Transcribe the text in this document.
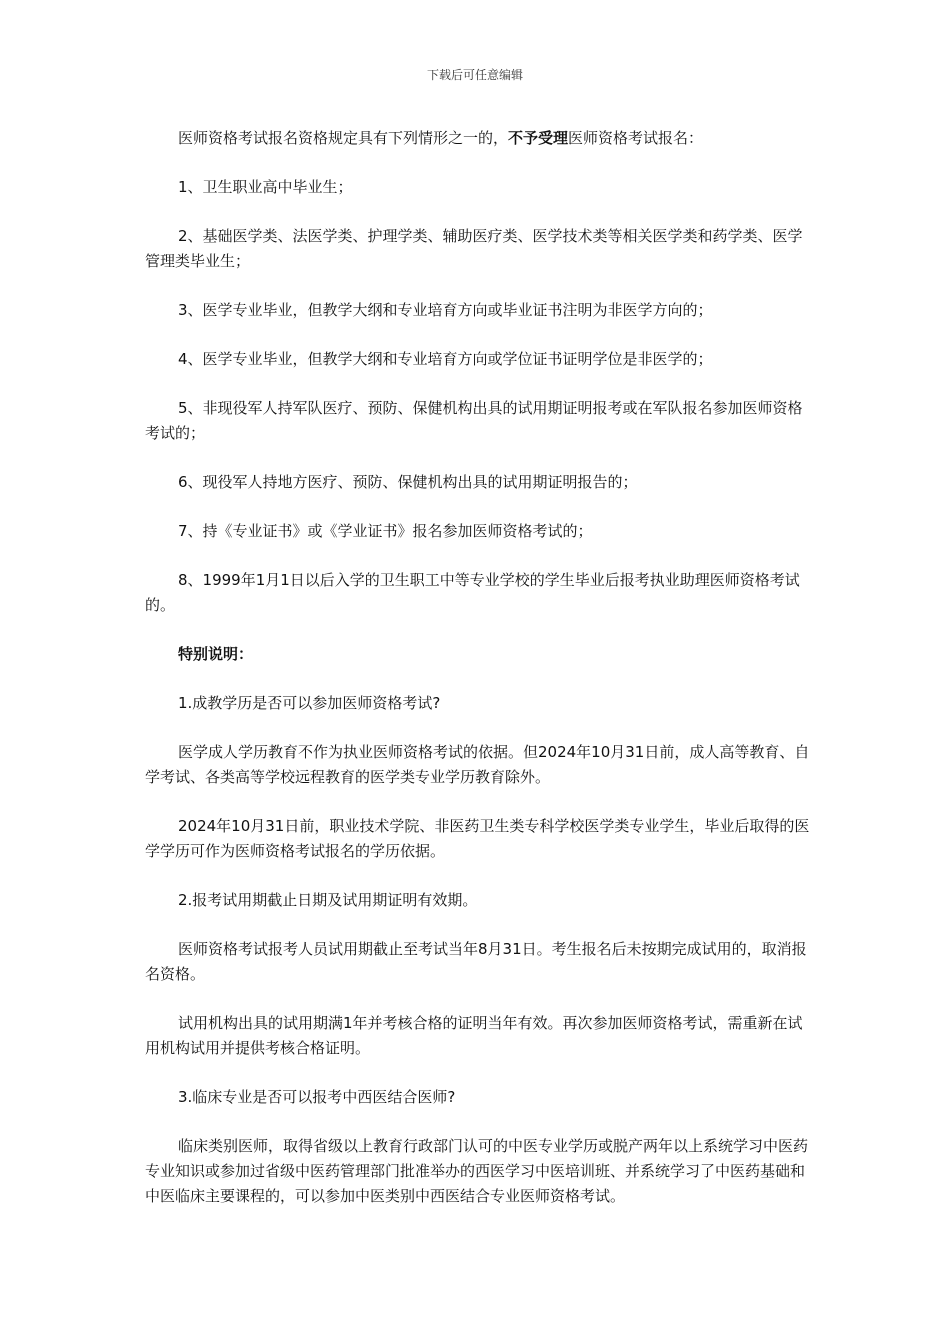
下载后可任意编辑

医师资格考试报名资格规定具有下列情形之一的，不予受理医师资格考试报名：

1、卫生职业高中毕业生；

2、基础医学类、法医学类、护理学类、辅助医疗类、医学技术类等相关医学类和药学类、医学管理类毕业生；

3、医学专业毕业，但教学大纲和专业培育方向或毕业证书注明为非医学方向的；

4、医学专业毕业，但教学大纲和专业培育方向或学位证书证明学位是非医学的；

5、非现役军人持军队医疗、预防、保健机构出具的试用期证明报考或在军队报名参加医师资格考试的；

6、现役军人持地方医疗、预防、保健机构出具的试用期证明报告的；

7、持《专业证书》或《学业证书》报名参加医师资格考试的；

8、1999年1月1日以后入学的卫生职工中等专业学校的学生毕业后报考执业助理医师资格考试的。

特别说明：

1.成教学历是否可以参加医师资格考试?

医学成人学历教育不作为执业医师资格考试的依据。但2024年10月31日前，成人高等教育、自学考试、各类高等学校远程教育的医学类专业学历教育除外。

2024年10月31日前，职业技术学院、非医药卫生类专科学校医学类专业学生，毕业后取得的医学学历可作为医师资格考试报名的学历依据。

2.报考试用期截止日期及试用期证明有效期。

医师资格考试报考人员试用期截止至考试当年8月31日。考生报名后未按期完成试用的，取消报名资格。

试用机构出具的试用期满1年并考核合格的证明当年有效。再次参加医师资格考试，需重新在试用机构试用并提供考核合格证明。

3.临床专业是否可以报考中西医结合医师?

临床类别医师，取得省级以上教育行政部门认可的中医专业学历或脱产两年以上系统学习中医药专业知识或参加过省级中医药管理部门批准举办的西医学习中医培训班、并系统学习了中医药基础和中医临床主要课程的，可以参加中医类别中西医结合专业医师资格考试。
